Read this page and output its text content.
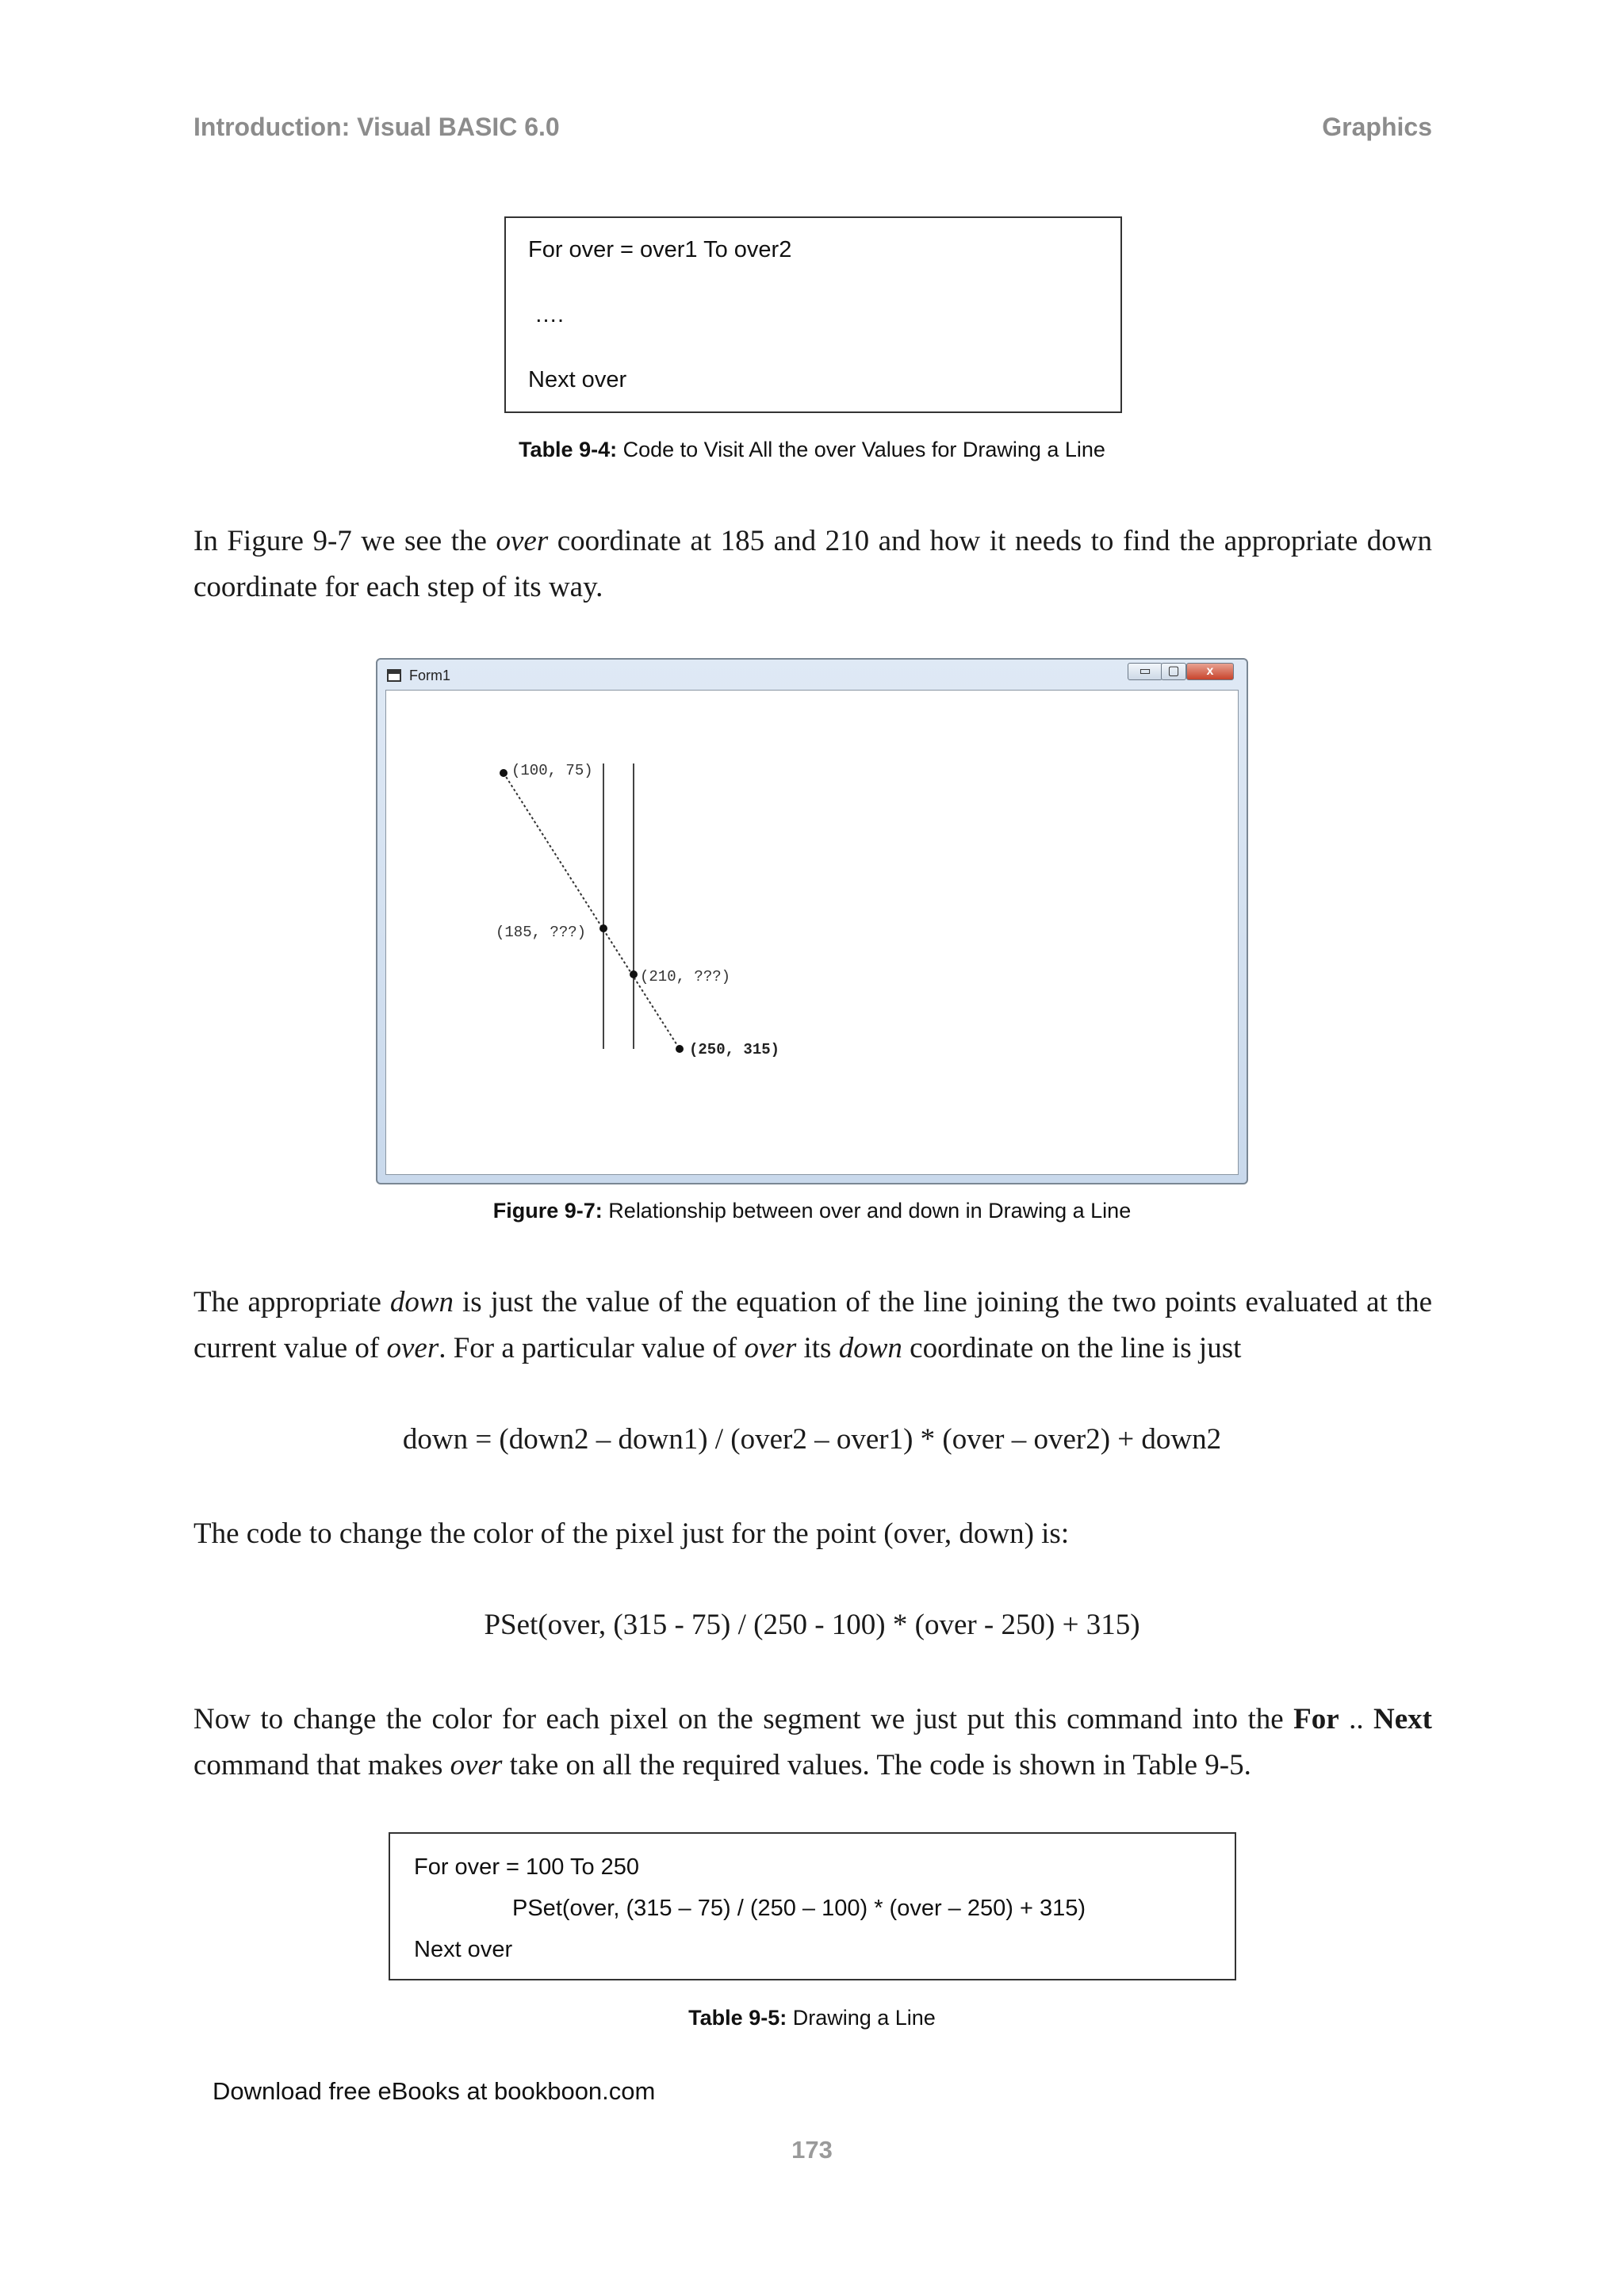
Introduction: Visual BASIC 6.0	Graphics
For over = over1 To over2
….
Next over
Table 9-4: Code to Visit All the over Values for Drawing a Line
In Figure 9-7 we see the over coordinate at 185 and 210 and how it needs to find the appropriate down coordinate for each step of its way.
Form1	▭	▢	x
(100, 75)
(185, ???)
(210, ???)
(250, 315)
Figure 9-7: Relationship between over and down in Drawing a Line
The appropriate down is just the value of the equation of the line joining the two points evaluated at the current value of over. For a particular value of over its down coordinate on the line is just
down = (down2 – down1) / (over2 – over1) * (over – over2) + down2
The code to change the color of the pixel just for the point (over, down) is:
PSet(over, (315 - 75) / (250 - 100) * (over - 250) + 315)
Now to change the color for each pixel on the segment we just put this command into the For .. Next command that makes over take on all the required values. The code is shown in Table 9-5.
For over = 100 To 250
PSet(over, (315 – 75) / (250 – 100) * (over – 250) + 315)
Next over
Table 9-5: Drawing a Line
Download free eBooks at bookboon.com
173
